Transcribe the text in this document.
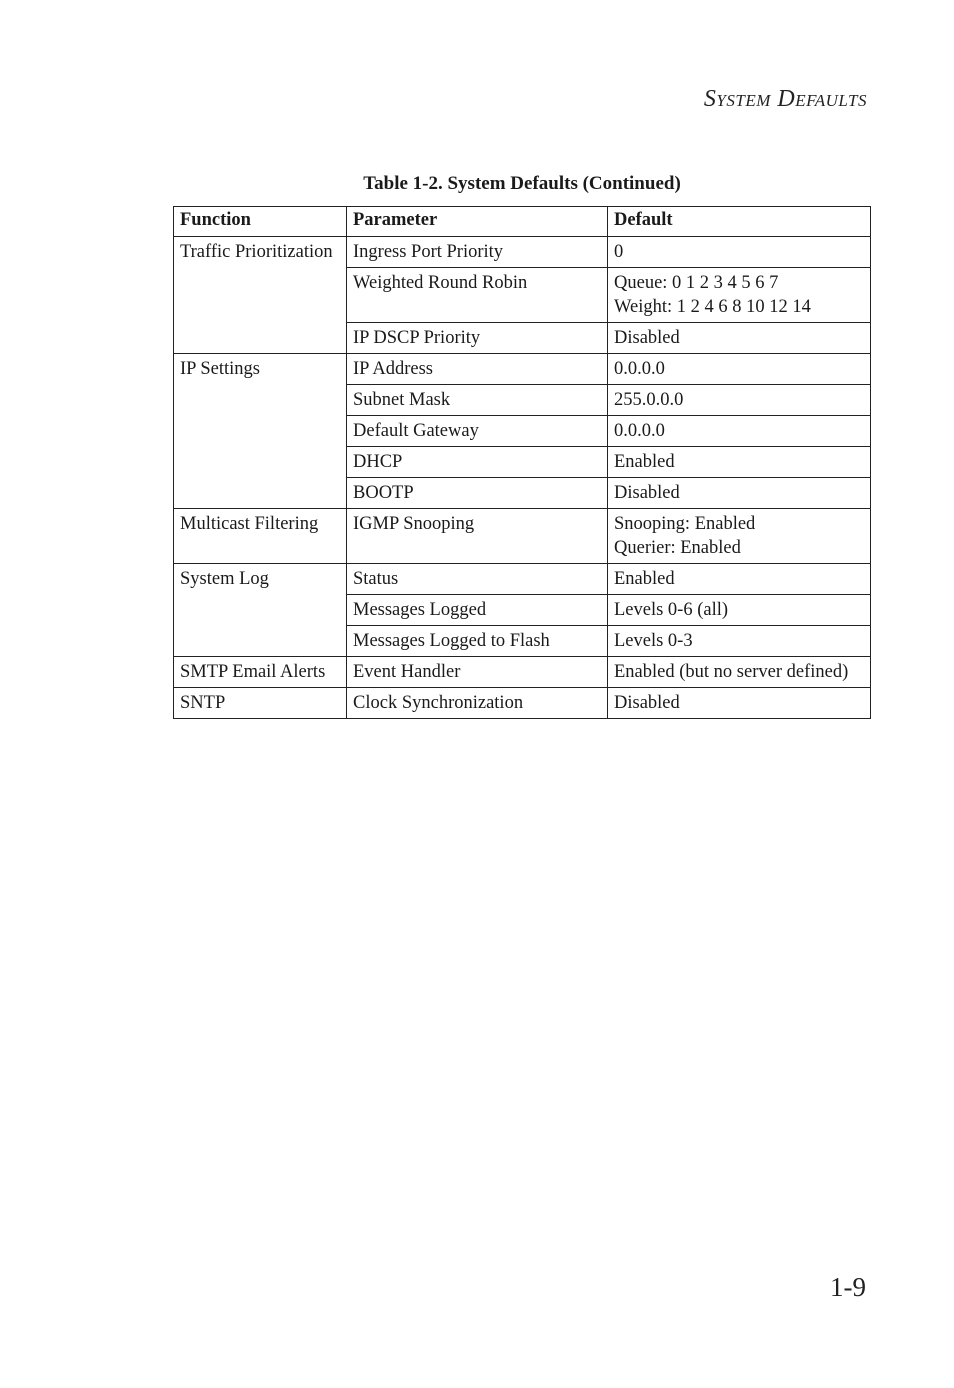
System Defaults
Table 1-2. System Defaults (Continued)
Function	Parameter	Default
Traffic Prioritization	Ingress Port Priority	0
	Weighted Round Robin	Queue: 0 1 2 3 4 5 6 7
Weight: 1 2 4 6 8 10 12 14
	IP DSCP Priority	Disabled
IP Settings	IP Address	0.0.0.0
	Subnet Mask	255.0.0.0
	Default Gateway	0.0.0.0
	DHCP	Enabled
	BOOTP	Disabled
Multicast Filtering	IGMP Snooping	Snooping: Enabled
Querier: Enabled
System Log	Status	Enabled
	Messages Logged	Levels 0-6 (all)
	Messages Logged to Flash	Levels 0-3
SMTP Email Alerts	Event Handler	Enabled (but no server defined)
SNTP	Clock Synchronization	Disabled
1-9
